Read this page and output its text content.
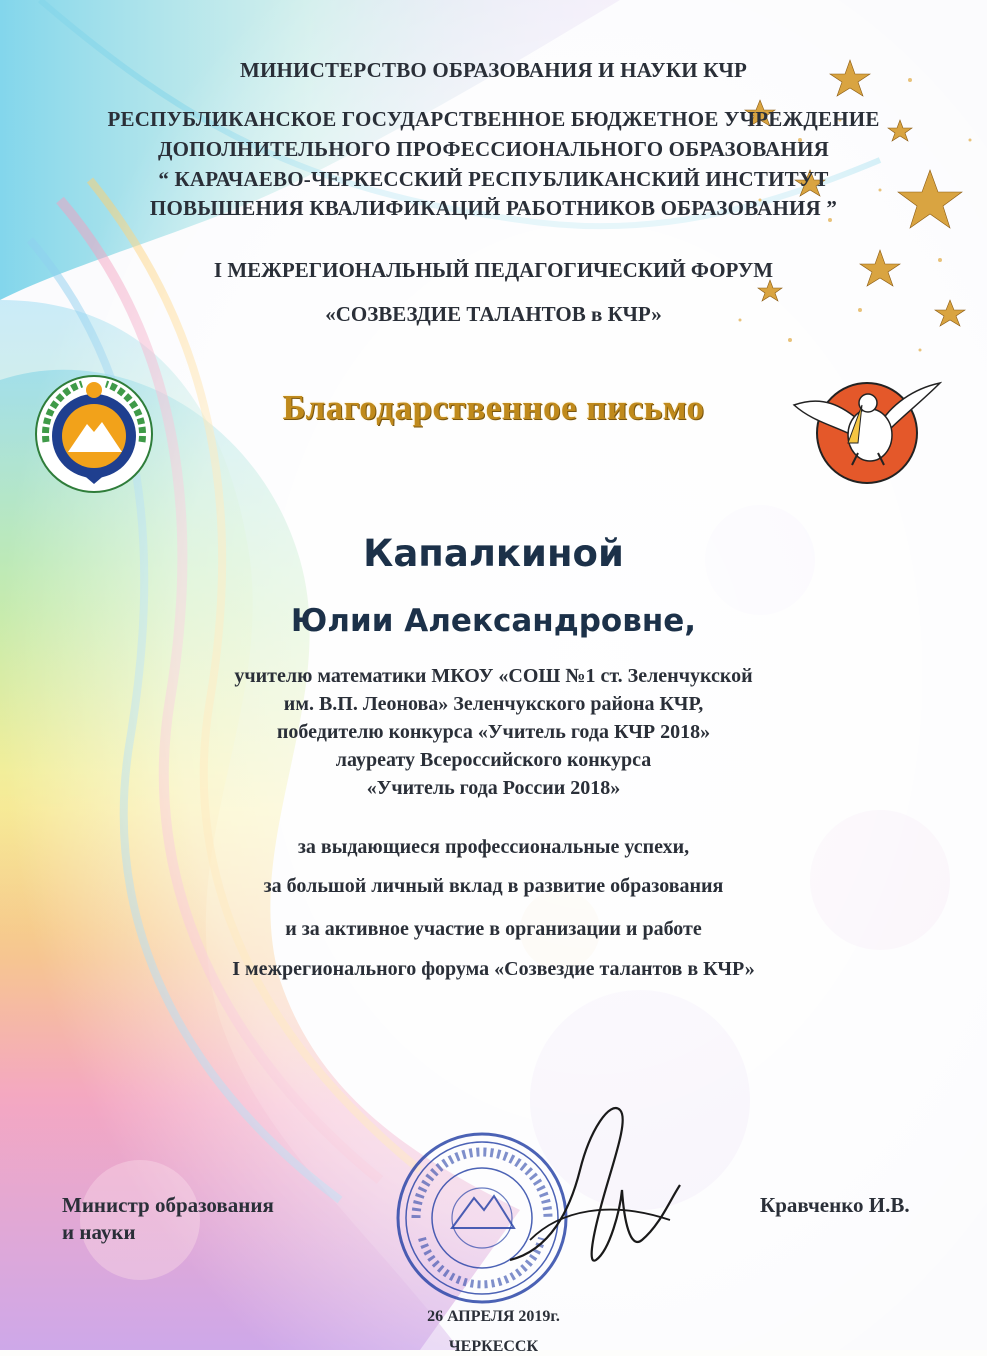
МИНИСТЕРСТВО ОБРАЗОВАНИЯ И НАУКИ КЧР
РЕСПУБЛИКАНСКОЕ ГОСУДАРСТВЕННОЕ БЮДЖЕТНОЕ УЧРЕЖДЕНИЕ
ДОПОЛНИТЕЛЬНОГО ПРОФЕССИОНАЛЬНОГО ОБРАЗОВАНИЯ
“ КАРАЧАЕВО-ЧЕРКЕССКИЙ РЕСПУБЛИКАНСКИЙ ИНСТИТУТ
ПОВЫШЕНИЯ КВАЛИФИКАЦИЙ РАБОТНИКОВ ОБРАЗОВАНИЯ ”
I МЕЖРЕГИОНАЛЬНЫЙ ПЕДАГОГИЧЕСКИЙ ФОРУМ
«СОЗВЕЗДИЕ ТАЛАНТОВ в КЧР»
Благодарственное письмо
Капалкиной
Юлии Александровне,
учителю математики МКОУ «СОШ №1 ст. Зеленчукской
им. В.П. Леонова» Зеленчукского района КЧР,
победителю конкурса «Учитель года КЧР 2018»
лауреату Всероссийского конкурса
«Учитель года России 2018»
за выдающиеся профессиональные успехи,
за большой личный вклад в развитие образования
и за активное участие в организации и работе
I межрегионального форума «Созвездие талантов в КЧР»
Министр образования
и науки
Кравченко И.В.
26 АПРЕЛЯ 2019г.
ЧЕРКЕССК
